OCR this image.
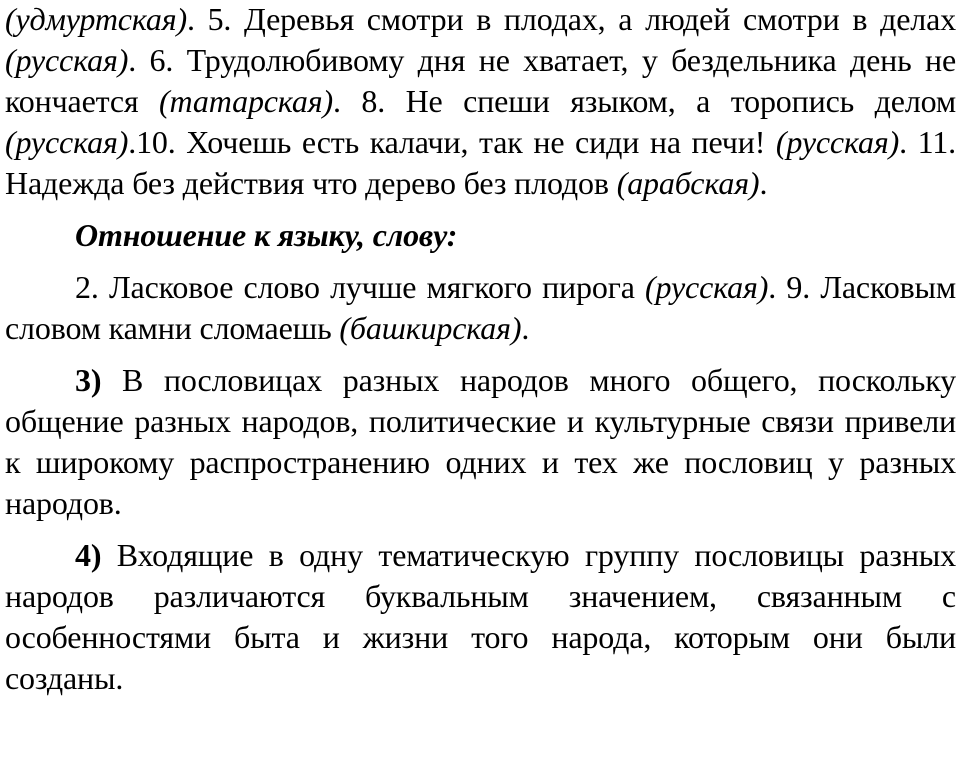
(удмуртская). 5. Деревья смотри в плодах, а людей смотри в делах (русская). 6. Трудолюбивому дня не хватает, у бездельника день не кончается (татарская). 8. Не спеши языком, а торопись делом (русская).10. Хочешь есть калачи, так не сиди на печи! (русская). 11. Надежда без действия что дерево без плодов (арабская).

Отношение к языку, слову:

2. Ласковое слово лучше мягкого пирога (русская). 9. Ласковым словом камни сломаешь (башкирская).

3) В пословицах разных народов много общего, поскольку общение разных народов, политические и культурные связи привели к широкому распространению одних и тех же пословиц у разных народов.

4) Входящие в одну тематическую группу пословицы разных народов различаются буквальным значением, связанным с особенностями быта и жизни того народа, которым они были созданы.
